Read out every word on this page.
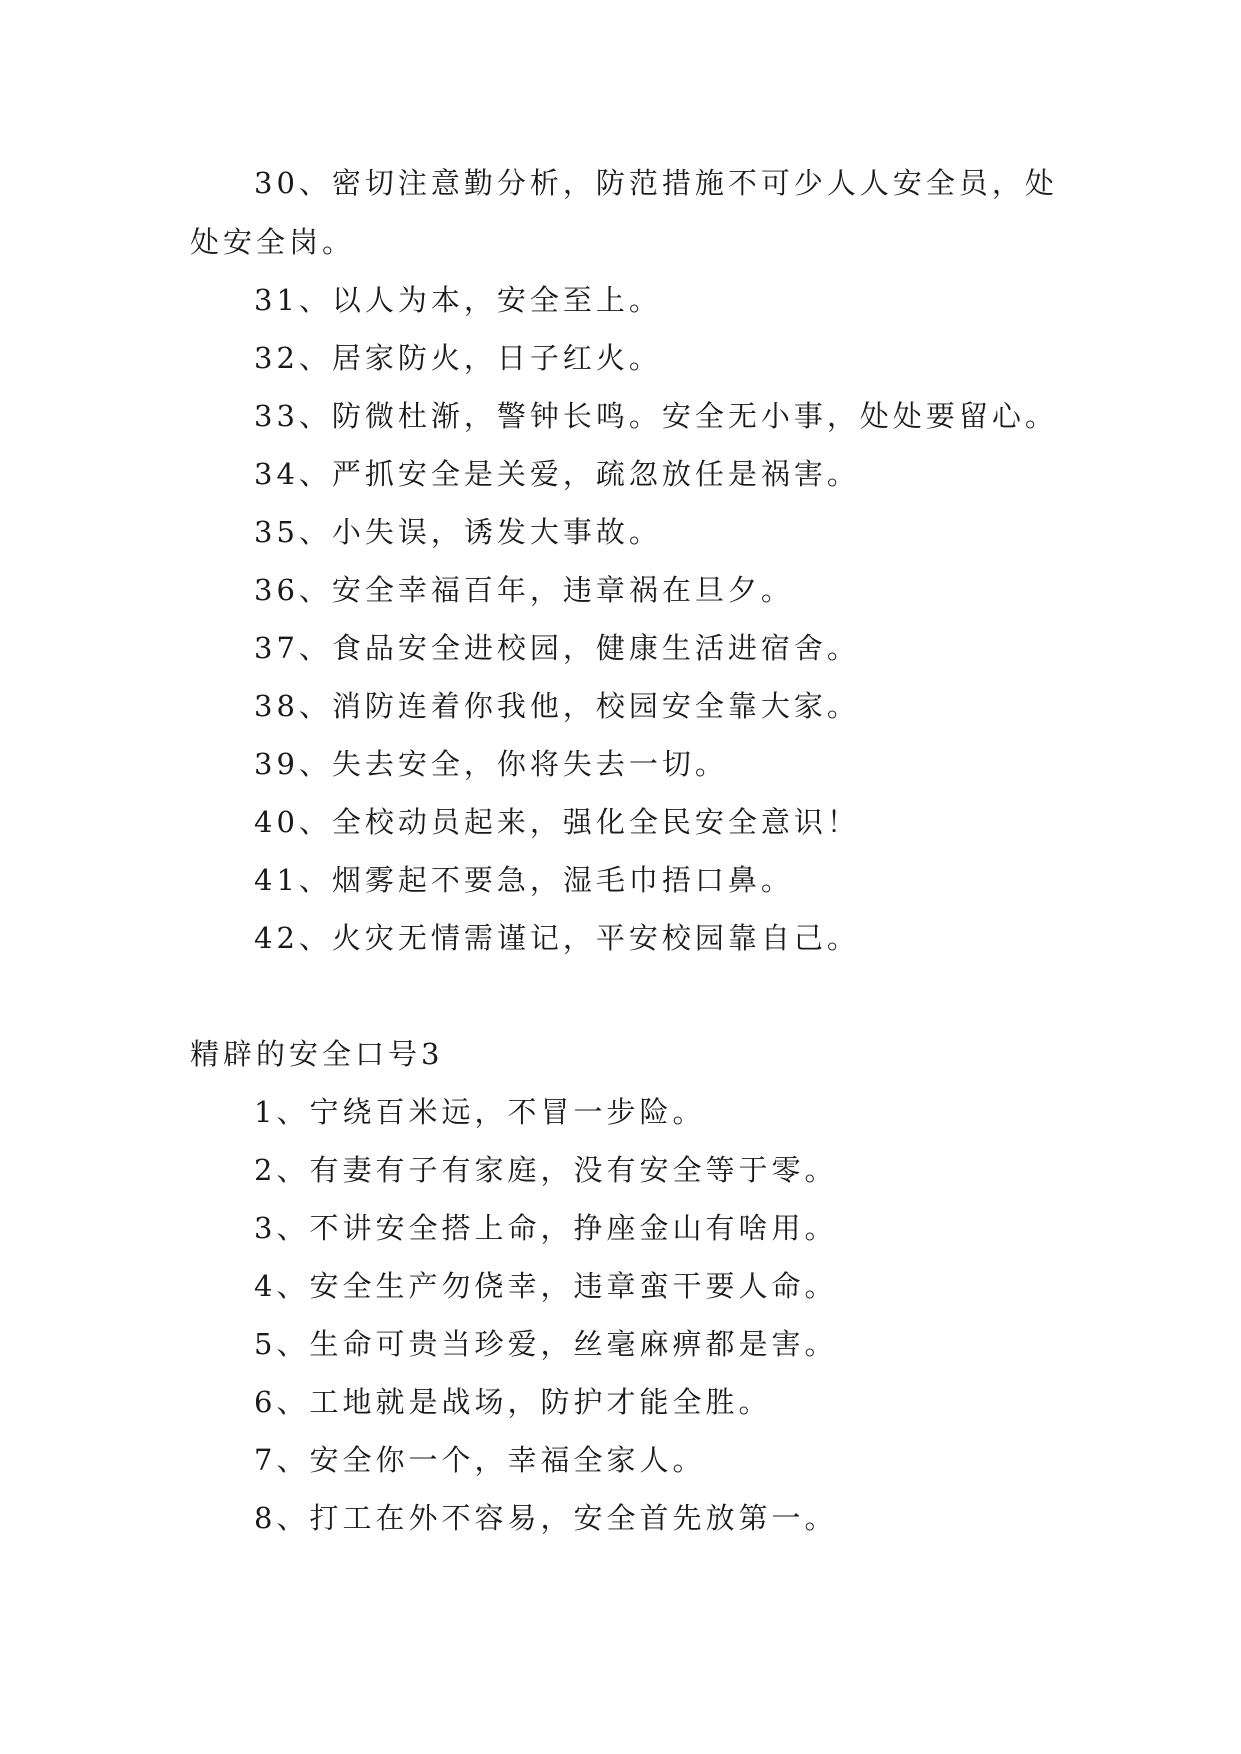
30、密切注意勤分析，防范措施不可少人人安全员，处
处安全岗。
31、以人为本，安全至上。
32、居家防火，日子红火。
33、防微杜渐，警钟长鸣。安全无小事，处处要留心。
34、严抓安全是关爱，疏忽放任是祸害。
35、小失误，诱发大事故。
36、安全幸福百年，违章祸在旦夕。
37、食品安全进校园，健康生活进宿舍。
38、消防连着你我他，校园安全靠大家。
39、失去安全，你将失去一切。
40、全校动员起来，强化全民安全意识！
41、烟雾起不要急，湿毛巾捂口鼻。
42、火灾无情需谨记，平安校园靠自己。
精辟的安全口号3
1、宁绕百米远，不冒一步险。
2、有妻有子有家庭，没有安全等于零。
3、不讲安全搭上命，挣座金山有啥用。
4、安全生产勿侥幸，违章蛮干要人命。
5、生命可贵当珍爱，丝毫麻痹都是害。
6、工地就是战场，防护才能全胜。
7、安全你一个，幸福全家人。
8、打工在外不容易，安全首先放第一。
